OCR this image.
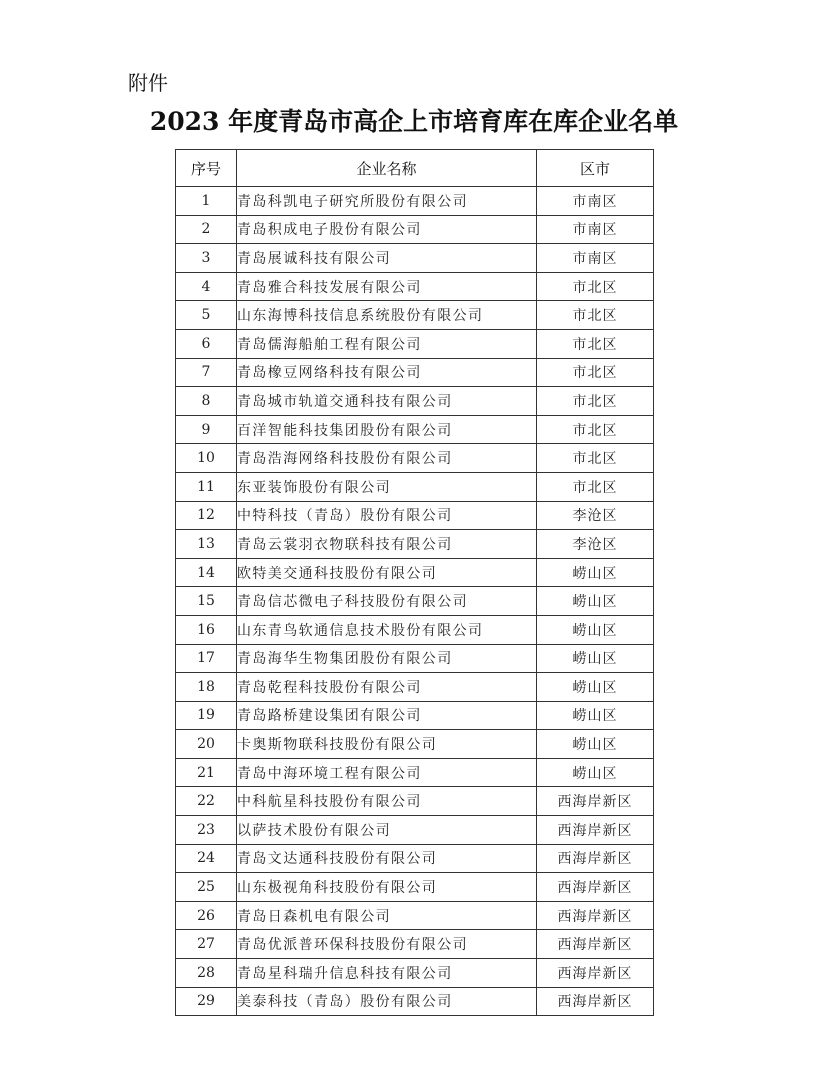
附件
2023 年度青岛市高企上市培育库在库企业名单
序号	企业名称	区市
1	青岛科凯电子研究所股份有限公司	市南区
2	青岛积成电子股份有限公司	市南区
3	青岛展诚科技有限公司	市南区
4	青岛雅合科技发展有限公司	市北区
5	山东海博科技信息系统股份有限公司	市北区
6	青岛儒海船舶工程有限公司	市北区
7	青岛橡豆网络科技有限公司	市北区
8	青岛城市轨道交通科技有限公司	市北区
9	百洋智能科技集团股份有限公司	市北区
10	青岛浩海网络科技股份有限公司	市北区
11	东亚装饰股份有限公司	市北区
12	中特科技（青岛）股份有限公司	李沧区
13	青岛云裳羽衣物联科技有限公司	李沧区
14	欧特美交通科技股份有限公司	崂山区
15	青岛信芯微电子科技股份有限公司	崂山区
16	山东青鸟软通信息技术股份有限公司	崂山区
17	青岛海华生物集团股份有限公司	崂山区
18	青岛乾程科技股份有限公司	崂山区
19	青岛路桥建设集团有限公司	崂山区
20	卡奥斯物联科技股份有限公司	崂山区
21	青岛中海环境工程有限公司	崂山区
22	中科航星科技股份有限公司	西海岸新区
23	以萨技术股份有限公司	西海岸新区
24	青岛文达通科技股份有限公司	西海岸新区
25	山东极视角科技股份有限公司	西海岸新区
26	青岛日森机电有限公司	西海岸新区
27	青岛优派普环保科技股份有限公司	西海岸新区
28	青岛星科瑞升信息科技有限公司	西海岸新区
29	美泰科技（青岛）股份有限公司	西海岸新区
